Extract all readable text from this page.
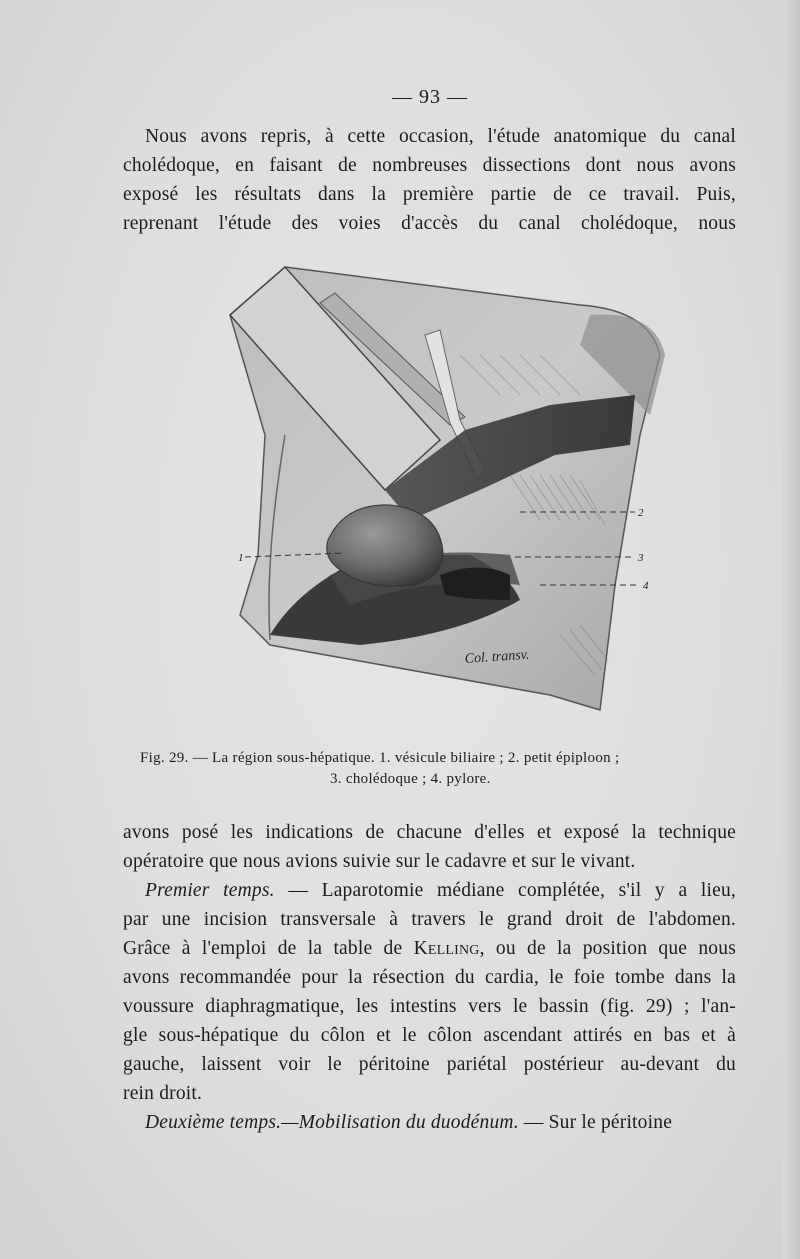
— 93 —

Nous avons repris, à cette occasion, l'étude anatomique du canal
cholédoque, en faisant de nombreuses dissections dont nous avons
exposé les résultats dans la première partie de ce travail. Puis,
reprenant l'étude des voies d'accès du canal cholédoque, nous

1
2
3
4
Col. transv.
Fig. 29. — La région sous-hépatique. 1. vésicule biliaire ; 2. petit épiploon ;
3. cholédoque ; 4. pylore.

avons posé les indications de chacune d'elles et exposé la technique
opératoire que nous avions suivie sur le cadavre et sur le vivant.

Premier temps. — Laparotomie médiane complétée, s'il y a lieu,
par une incision transversale à travers le grand droit de l'abdomen.
Grâce à l'emploi de la table de Kelling, ou de la position que nous
avons recommandée pour la résection du cardia, le foie tombe dans la
voussure diaphragmatique, les intestins vers le bassin (fig. 29) ; l'an-
gle sous-hépatique du côlon et le côlon ascendant attirés en bas et à
gauche, laissent voir le péritoine pariétal postérieur au-devant du
rein droit.

Deuxième temps.—Mobilisation du duodénum. — Sur le péritoine
